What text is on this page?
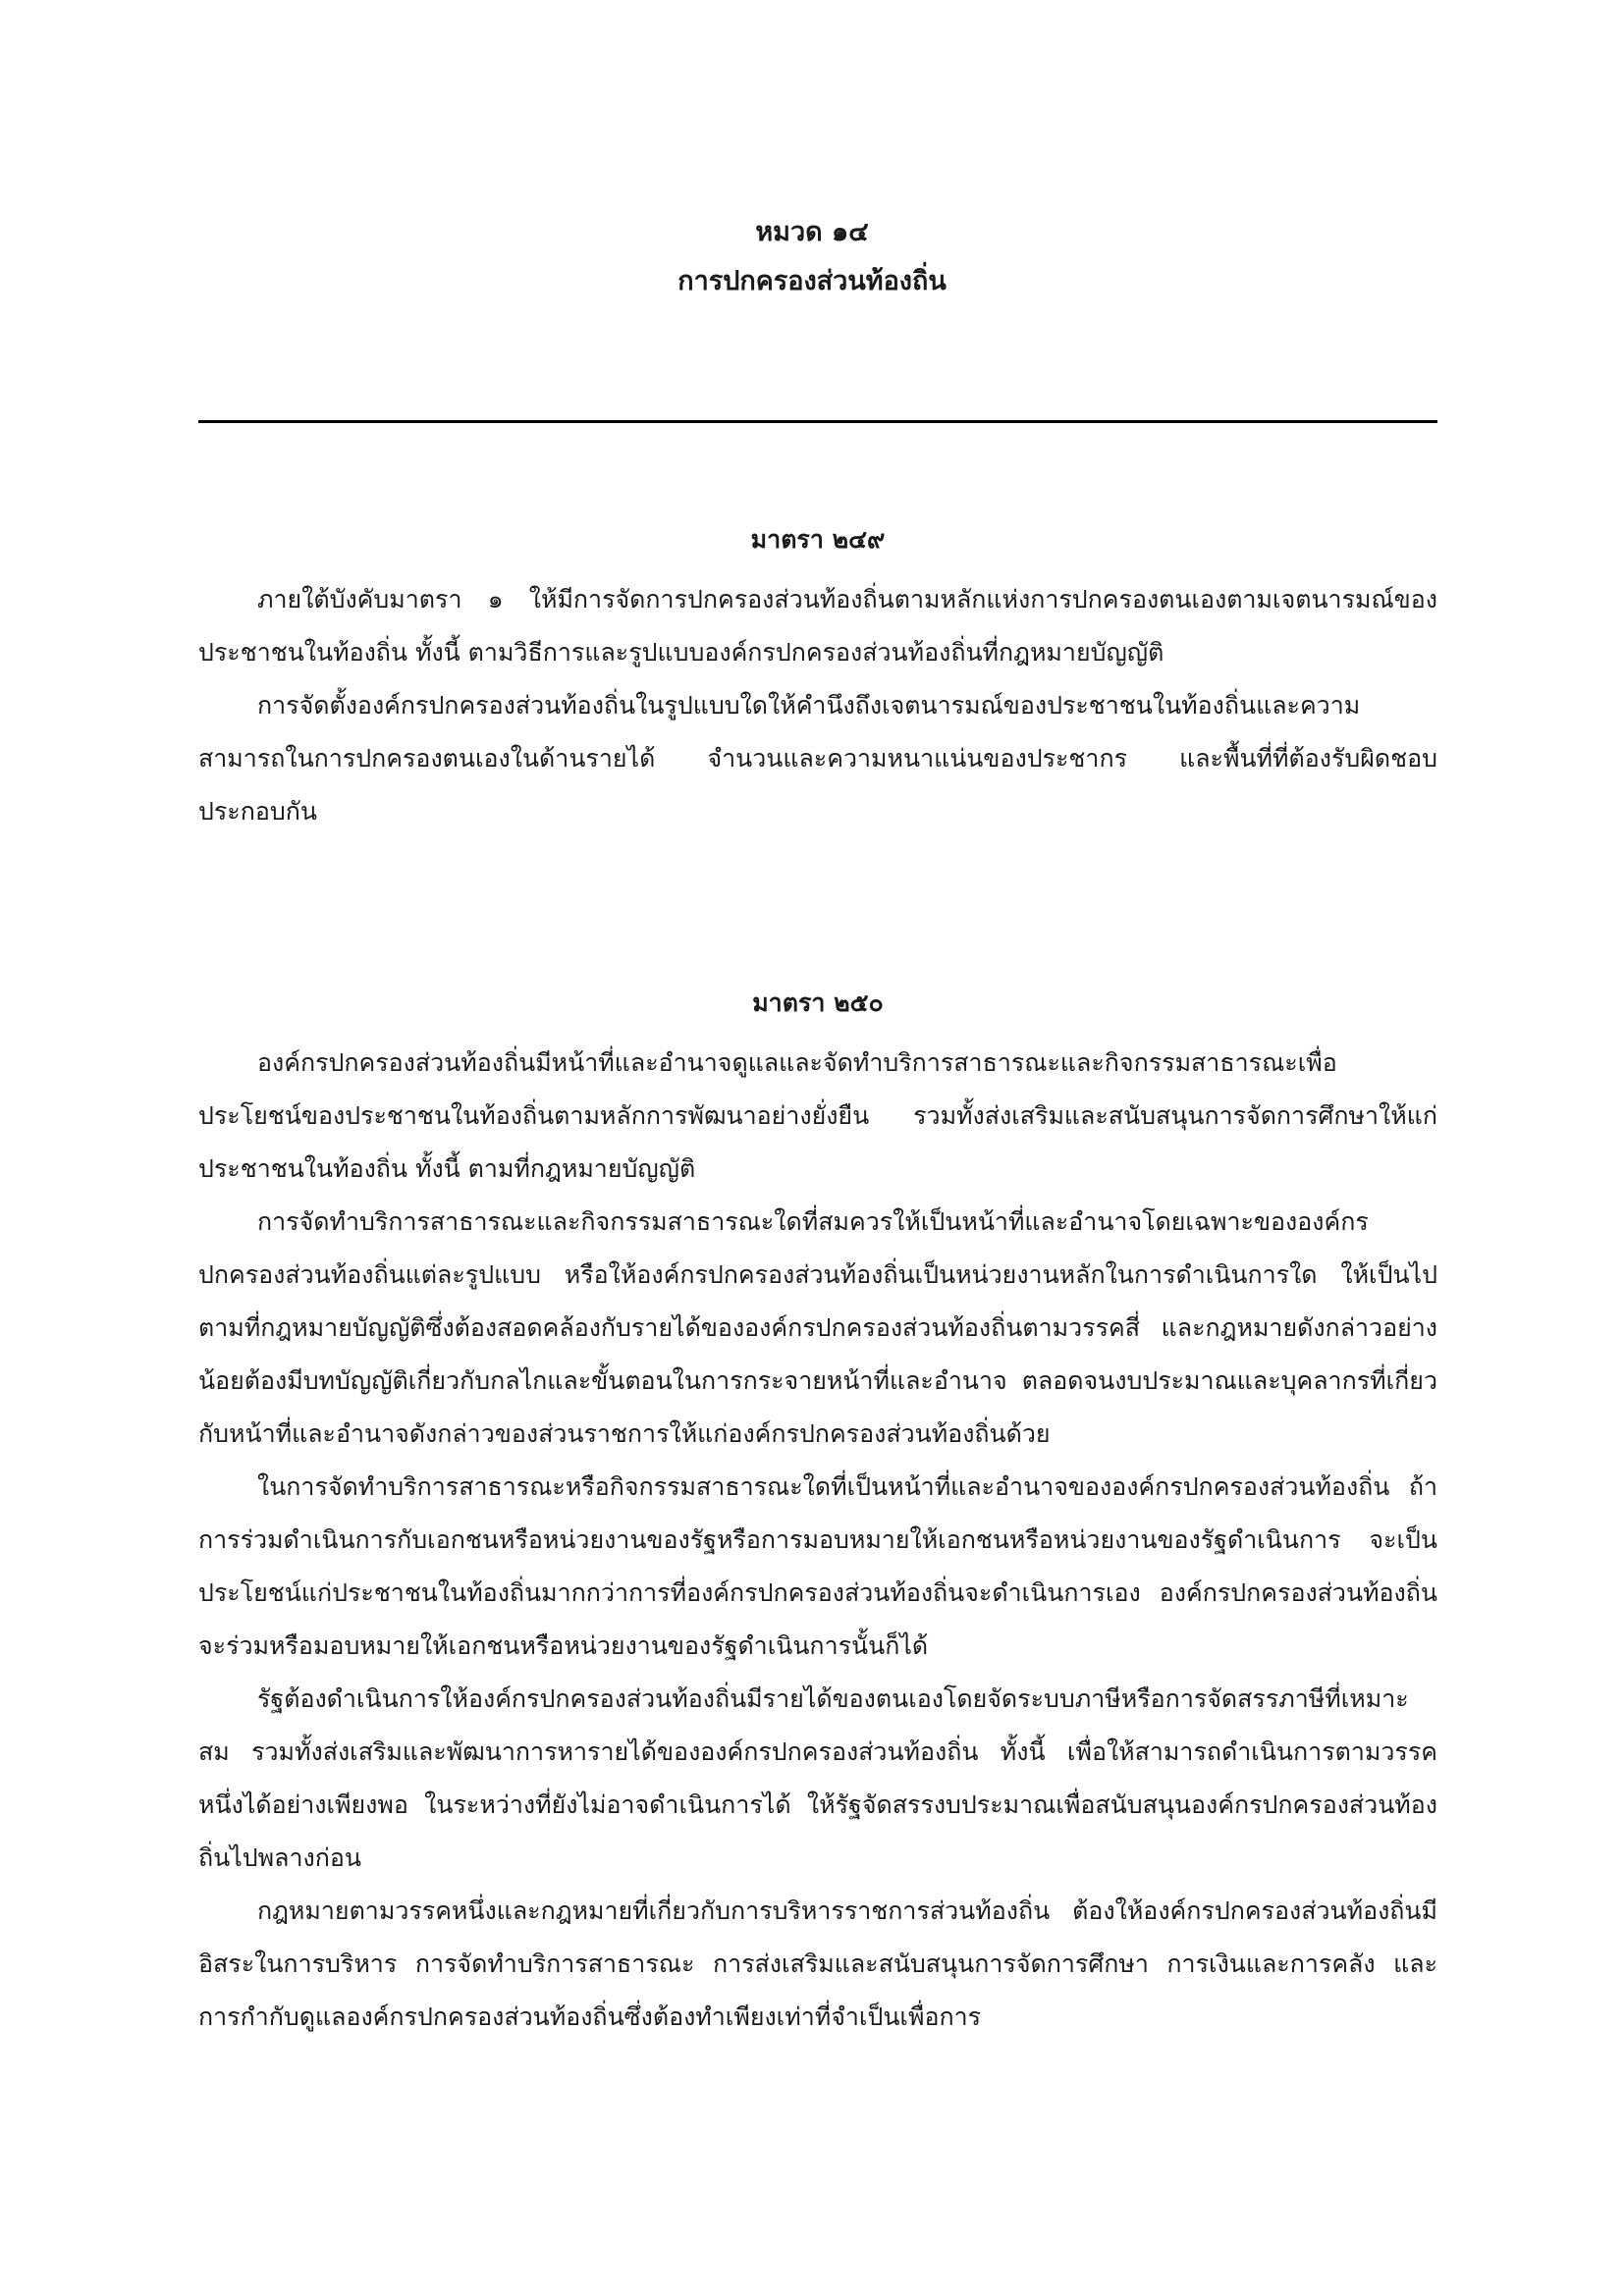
หมวด ๑๔

การปกครองส่วนท้องถิ่น

มาตรา ๒๔๙

ภายใต้บังคับมาตรา ๑ ให้มีการจัดการปกครองส่วนท้องถิ่นตามหลักแห่งการปกครองตนเองตามเจตนารมณ์ของประชาชนในท้องถิ่น ทั้งนี้ ตามวิธีการและรูปแบบองค์กรปกครองส่วนท้องถิ่นที่กฎหมายบัญญัติ

การจัดตั้งองค์กรปกครองส่วนท้องถิ่นในรูปแบบใดให้คำนึงถึงเจตนารมณ์ของประชาชนในท้องถิ่นและความสามารถในการปกครองตนเองในด้านรายได้ จำนวนและความหนาแน่นของประชากร และพื้นที่ที่ต้องรับผิดชอบ ประกอบกัน

มาตรา ๒๕๐

องค์กรปกครองส่วนท้องถิ่นมีหน้าที่และอำนาจดูแลและจัดทำบริการสาธารณะและกิจกรรมสาธารณะเพื่อประโยชน์ของประชาชนในท้องถิ่นตามหลักการพัฒนาอย่างยั่งยืน รวมทั้งส่งเสริมและสนับสนุนการจัดการศึกษาให้แก่ประชาชนในท้องถิ่น ทั้งนี้ ตามที่กฎหมายบัญญัติ

การจัดทำบริการสาธารณะและกิจกรรมสาธารณะใดที่สมควรให้เป็นหน้าที่และอำนาจโดยเฉพาะขององค์กรปกครองส่วนท้องถิ่นแต่ละรูปแบบ หรือให้องค์กรปกครองส่วนท้องถิ่นเป็นหน่วยงานหลักในการดำเนินการใด ให้เป็นไปตามที่กฎหมายบัญญัติซึ่งต้องสอดคล้องกับรายได้ขององค์กรปกครองส่วนท้องถิ่นตามวรรคสี่ และกฎหมายดังกล่าวอย่างน้อยต้องมีบทบัญญัติเกี่ยวกับกลไกและขั้นตอนในการกระจายหน้าที่และอำนาจ ตลอดจนงบประมาณและบุคลากรที่เกี่ยวกับหน้าที่และอำนาจดังกล่าวของส่วนราชการให้แก่องค์กรปกครองส่วนท้องถิ่นด้วย

ในการจัดทำบริการสาธารณะหรือกิจกรรมสาธารณะใดที่เป็นหน้าที่และอำนาจขององค์กรปกครองส่วนท้องถิ่น ถ้าการร่วมดำเนินการกับเอกชนหรือหน่วยงานของรัฐหรือการมอบหมายให้เอกชนหรือหน่วยงานของรัฐดำเนินการ จะเป็นประโยชน์แก่ประชาชนในท้องถิ่นมากกว่าการที่องค์กรปกครองส่วนท้องถิ่นจะดำเนินการเอง องค์กรปกครองส่วนท้องถิ่นจะร่วมหรือมอบหมายให้เอกชนหรือหน่วยงานของรัฐดำเนินการนั้นก็ได้

รัฐต้องดำเนินการให้องค์กรปกครองส่วนท้องถิ่นมีรายได้ของตนเองโดยจัดระบบภาษีหรือการจัดสรรภาษีที่เหมาะสม รวมทั้งส่งเสริมและพัฒนาการหารายได้ขององค์กรปกครองส่วนท้องถิ่น ทั้งนี้ เพื่อให้สามารถดำเนินการตามวรรคหนึ่งได้อย่างเพียงพอ ในระหว่างที่ยังไม่อาจดำเนินการได้ ให้รัฐจัดสรรงบประมาณเพื่อสนับสนุนองค์กรปกครองส่วนท้องถิ่นไปพลางก่อน

กฎหมายตามวรรคหนึ่งและกฎหมายที่เกี่ยวกับการบริหารราชการส่วนท้องถิ่น ต้องให้องค์กรปกครองส่วนท้องถิ่นมีอิสระในการบริหาร การจัดทำบริการสาธารณะ การส่งเสริมและสนับสนุนการจัดการศึกษา การเงินและการคลัง และการกำกับดูแลองค์กรปกครองส่วนท้องถิ่นซึ่งต้องทำเพียงเท่าที่จำเป็นเพื่อการ
